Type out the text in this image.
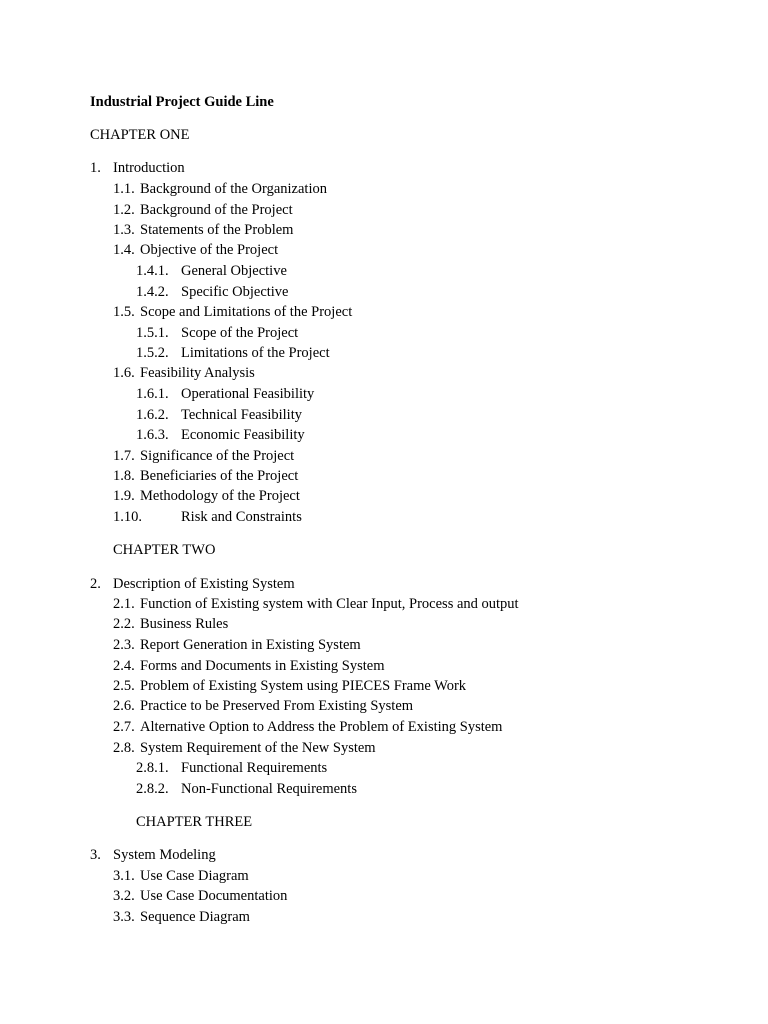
Industrial Project Guide Line
CHAPTER ONE
1. Introduction
1.1. Background of the Organization
1.2. Background of the Project
1.3. Statements of the Problem
1.4. Objective of the Project
1.4.1. General Objective
1.4.2. Specific Objective
1.5. Scope and Limitations of the Project
1.5.1. Scope of the Project
1.5.2. Limitations of the Project
1.6. Feasibility Analysis
1.6.1. Operational Feasibility
1.6.2. Technical Feasibility
1.6.3. Economic Feasibility
1.7. Significance of the Project
1.8. Beneficiaries of the Project
1.9. Methodology of the Project
1.10.	Risk and Constraints
CHAPTER TWO
2. Description of Existing System
2.1. Function of Existing system with Clear Input, Process and output
2.2. Business Rules
2.3. Report Generation in Existing System
2.4. Forms and Documents in Existing System
2.5. Problem of Existing System using PIECES Frame Work
2.6. Practice to be Preserved From Existing System
2.7. Alternative Option to Address the Problem of Existing System
2.8. System Requirement of the New System
2.8.1. Functional Requirements
2.8.2. Non-Functional Requirements
CHAPTER THREE
3. System Modeling
3.1. Use Case Diagram
3.2. Use Case Documentation
3.3. Sequence Diagram
